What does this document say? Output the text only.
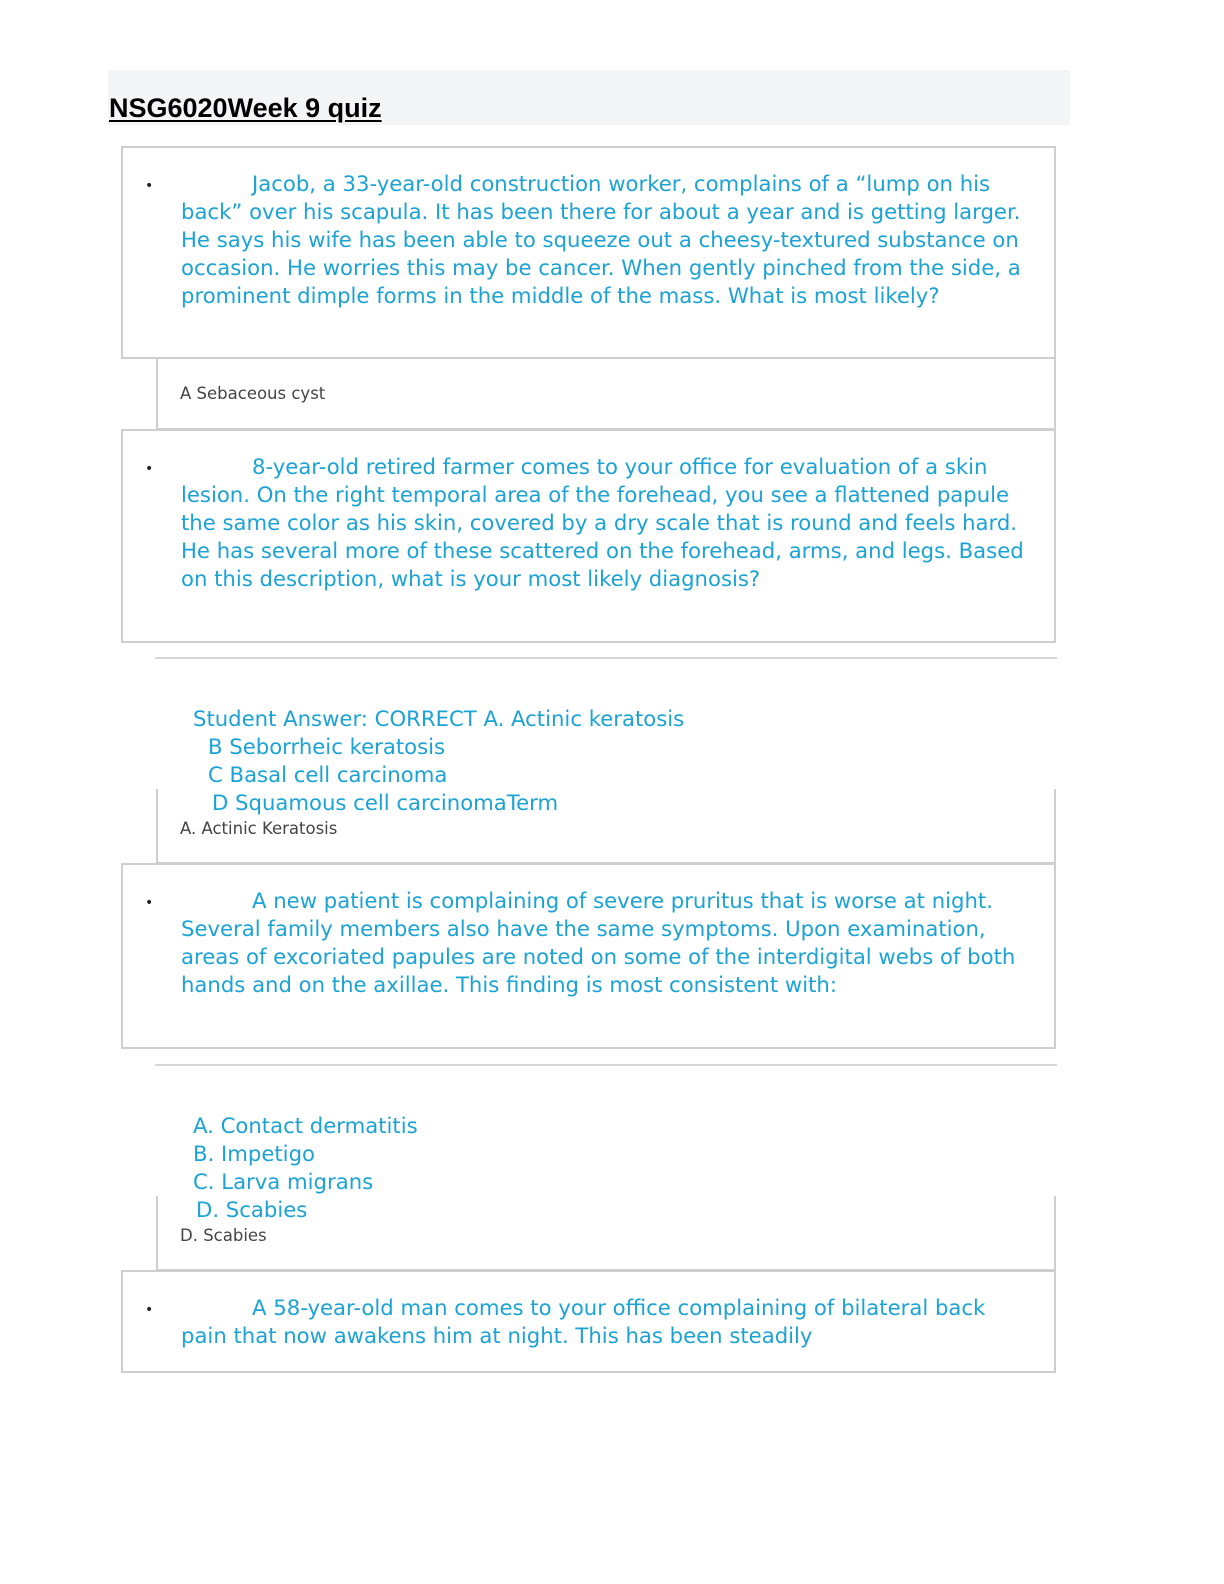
NSG6020Week 9 quiz
•	Jacob, a 33-year-old construction worker, complains of a “lump on his back” over his scapula. It has been there for about a year and is getting larger. He says his wife has been able to squeeze out a cheesy-textured substance on occasion. He worries this may be cancer. When gently pinched from the side, a prominent dimple forms in the middle of the mass. What is most likely?

A Sebaceous cyst
•	8-year-old retired farmer comes to your office for evaluation of a skin lesion. On the right temporal area of the forehead, you see a flattened papule the same color as his skin, covered by a dry scale that is round and feels hard. He has several more of these scattered on the forehead, arms, and legs. Based on this description, what is your most likely diagnosis?

Student Answer: CORRECT A. Actinic keratosis
B Seborrheic keratosis
C Basal cell carcinoma
D Squamous cell carcinomaTerm
A. Actinic Keratosis
•	A new patient is complaining of severe pruritus that is worse at night. Several family members also have the same symptoms. Upon examination, areas of excoriated papules are noted on some of the interdigital webs of both hands and on the axillae. This finding is most consistent with:

A. Contact dermatitis
B. Impetigo
C. Larva migrans
D. Scabies
D. Scabies
•	A 58-year-old man comes to your office complaining of bilateral back pain that now awakens him at night. This has been steadily
